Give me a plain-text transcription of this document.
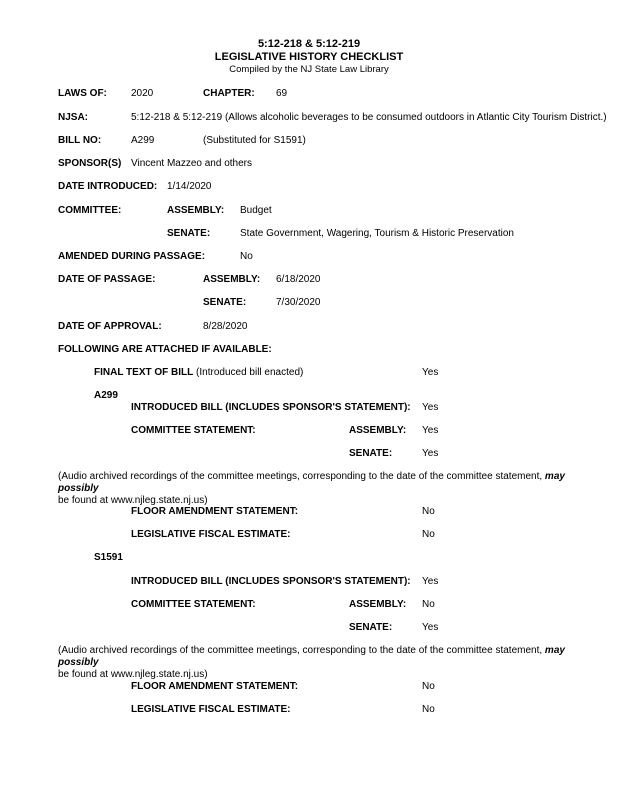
5:12-218 & 5:12-219
LEGISLATIVE HISTORY CHECKLIST
Compiled by the NJ State Law Library
LAWS OF: 2020	CHAPTER: 69
NJSA:	5:12-218 & 5:12-219 (Allows alcoholic beverages to be consumed outdoors in Atlantic City Tourism District.)
BILL NO:	A299	(Substituted for S1591)
SPONSOR(S) Vincent Mazzeo and others
DATE INTRODUCED: 1/14/2020
COMMITTEE:	ASSEMBLY: Budget
SENATE:	State Government, Wagering, Tourism & Historic Preservation
AMENDED DURING PASSAGE:	No
DATE OF PASSAGE:	ASSEMBLY: 6/18/2020
SENATE:	7/30/2020
DATE OF APPROVAL:	8/28/2020
FOLLOWING ARE ATTACHED IF AVAILABLE:
FINAL TEXT OF BILL (Introduced bill enacted)	Yes
A299
INTRODUCED BILL (INCLUDES SPONSOR'S STATEMENT): Yes
COMMITTEE STATEMENT:	ASSEMBLY: Yes
SENATE:	Yes
(Audio archived recordings of the committee meetings, corresponding to the date of the committee statement, may possibly
be found at www.njleg.state.nj.us)
FLOOR AMENDMENT STATEMENT:	No
LEGISLATIVE FISCAL ESTIMATE:	No
S1591
INTRODUCED BILL (INCLUDES SPONSOR'S STATEMENT): Yes
COMMITTEE STATEMENT:	ASSEMBLY: No
SENATE:	Yes
(Audio archived recordings of the committee meetings, corresponding to the date of the committee statement, may possibly
be found at www.njleg.state.nj.us)
FLOOR AMENDMENT STATEMENT:	No
LEGISLATIVE FISCAL ESTIMATE:	No
